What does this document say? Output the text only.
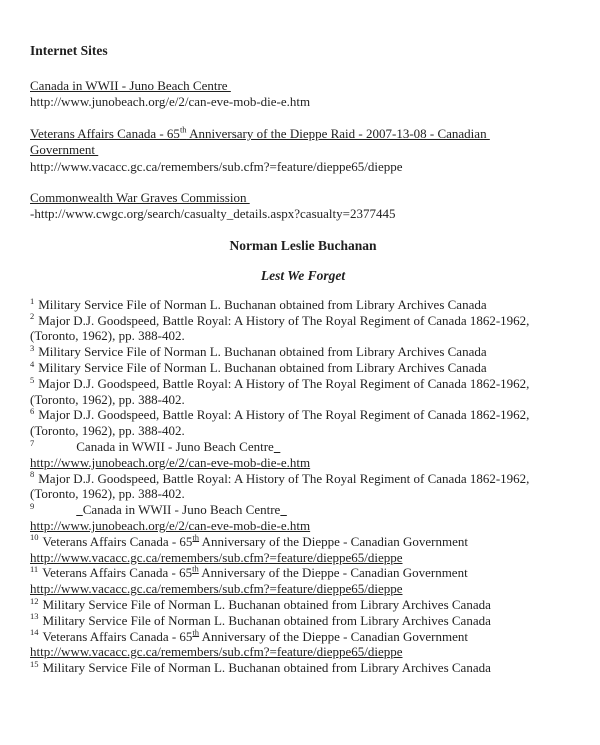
Internet Sites

Canada in WWII - Juno Beach Centre
http://www.junobeach.org/e/2/can-eve-mob-die-e.htm

Veterans Affairs Canada - 65th Anniversary of the Dieppe Raid - 2007-13-08 - Canadian
Government
http://www.vacacc.gc.ca/remembers/sub.cfm?=feature/dieppe65/dieppe

Commonwealth War Graves Commission
-http://www.cwgc.org/search/casualty_details.aspx?casualty=2377445

Norman Leslie Buchanan
Lest We Forget

$^1$ Military Service File of Norman L. Buchanan obtained from Library Archives Canada

$^2$ Major D.J. Goodspeed, Battle Royal: A History of The Royal Regiment of Canada 1862-1962,
(Toronto, 1962), pp. 388-402.

$^3$ Military Service File of Norman L. Buchanan obtained from Library Archives Canada

$^4$ Military Service File of Norman L. Buchanan obtained from Library Archives Canada

$^5$ Major D.J. Goodspeed, Battle Royal: A History of The Royal Regiment of Canada 1862-1962,
(Toronto, 1962), pp. 388-402.

$^6$ Major D.J. Goodspeed, Battle Royal: A History of The Royal Regiment of Canada 1862-1962,
(Toronto, 1962), pp. 388-402.

$^7$	Canada in WWII - Juno Beach Centre
http://www.junobeach.org/e/2/can-eve-mob-die-e.htm

$^8$ Major D.J. Goodspeed, Battle Royal: A History of The Royal Regiment of Canada 1862-1962,
(Toronto, 1962), pp. 388-402.

$^9$	Canada in WWII - Juno Beach Centre
http://www.junobeach.org/e/2/can-eve-mob-die-e.htm

$^{10}$ Veterans Affairs Canada - 65th Anniversary of the Dieppe - Canadian Government
http://www.vacacc.gc.ca/remembers/sub.cfm?=feature/dieppe65/dieppe

$^{11}$ Veterans Affairs Canada - 65th Anniversary of the Dieppe - Canadian Government
http://www.vacacc.gc.ca/remembers/sub.cfm?=feature/dieppe65/dieppe

$^{12}$ Military Service File of Norman L. Buchanan obtained from Library Archives Canada

$^{13}$ Military Service File of Norman L. Buchanan obtained from Library Archives Canada

$^{14}$ Veterans Affairs Canada - 65th Anniversary of the Dieppe - Canadian Government
http://www.vacacc.gc.ca/remembers/sub.cfm?=feature/dieppe65/dieppe

$^{15}$ Military Service File of Norman L. Buchanan obtained from Library Archives Canada
